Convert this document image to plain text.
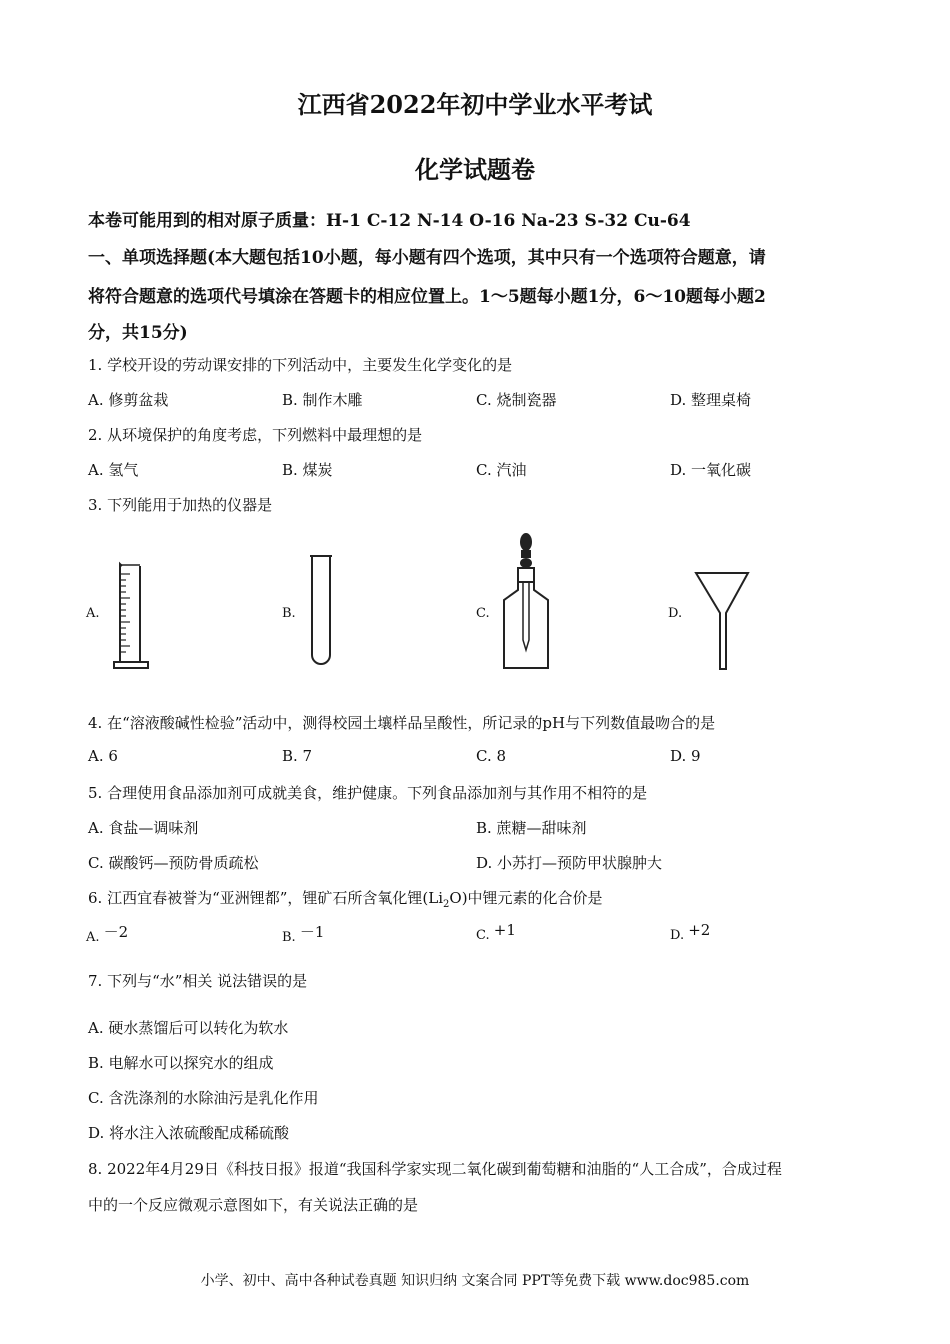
江西省2022年初中学业水平考试
化学试题卷
本卷可能用到的相对原子质量：H-1 C-12 N-14 O-16 Na-23 S-32 Cu-64
一、单项选择题(本大题包括10小题，每小题有四个选项，其中只有一个选项符合题意，请
将符合题意的选项代号填涂在答题卡的相应位置上。1～5题每小题1分，6～10题每小题2
分，共15分)
1. 学校开设的劳动课安排的下列活动中，主要发生化学变化的是
A. 修剪盆栽	B. 制作木雕	C. 烧制瓷器	D. 整理桌椅
2. 从环境保护的角度考虑，下列燃料中最理想的是
A. 氢气	B. 煤炭	C. 汽油	D. 一氧化碳
3. 下列能用于加热的仪器是
A.	B.	C.	D.
4. 在“溶液酸碱性检验”活动中，测得校园土壤样品呈酸性，所记录的pH与下列数值最吻合的是
A. 6	B. 7	C. 8	D. 9
5. 合理使用食品添加剂可成就美食，维护健康。下列食品添加剂与其作用不相符的是
A. 食盐—调味剂	B. 蔗糖—甜味剂
C. 碳酸钙—预防骨质疏松	D. 小苏打—预防甲状腺肿大
6. 江西宜春被誉为“亚洲锂都”，锂矿石所含氧化锂$(Li_2O)$中锂元素的化合价是
A. －2	B. －1	C. +1	D. +2
7. 下列与“水”相关 说法错误的是
A. 硬水蒸馏后可以转化为软水
B. 电解水可以探究水的组成
C. 含洗涤剂的水除油污是乳化作用
D. 将水注入浓硫酸配成稀硫酸
8. 2022年4月29日《科技日报》报道“我国科学家实现二氧化碳到葡萄糖和油脂的“人工合成”，合成过程
中的一个反应微观示意图如下，有关说法正确的是
小学、初中、高中各种试卷真题 知识归纳 文案合同 PPT等免费下载 www.doc985.com
